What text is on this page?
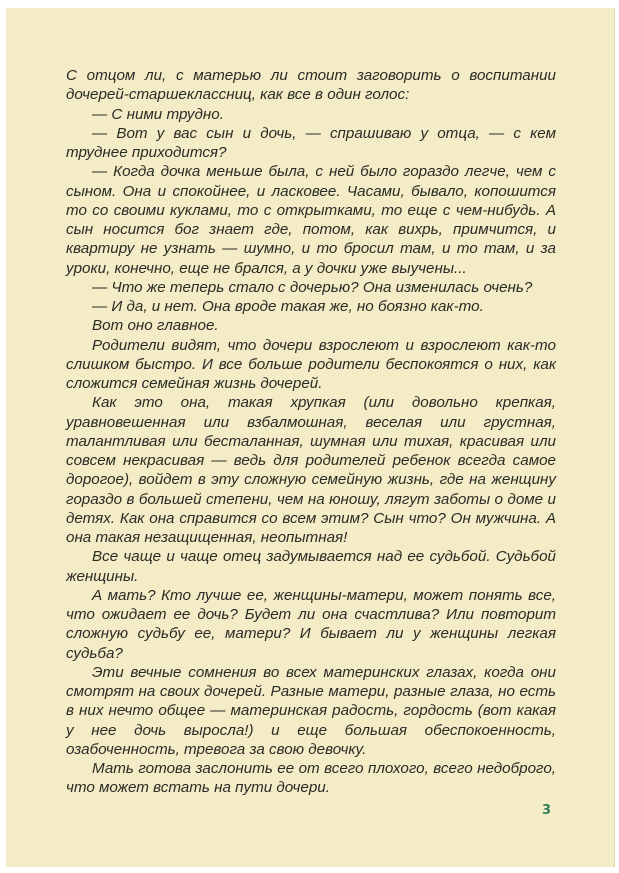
С отцом ли, с матерью ли стоит заговорить о воспитании дочерей-старшеклассниц, как все в один голос:

— С ними трудно.

— Вот у вас сын и дочь, — спрашиваю у отца, — с кем труднее приходится?

— Когда дочка меньше была, с ней было гораздо легче, чем с сыном. Она и спокойнее, и ласковее. Часами, бывало, копошится то со своими куклами, то с открытками, то еще с чем-нибудь. А сын носится бог знает где, потом, как вихрь, примчится, и квартиру не узнать — шумно, и то бросил там, и то там, и за уроки, конечно, еще не брался, а у дочки уже выучены...

— Что же теперь стало с дочерью? Она изменилась очень?

— И да, и нет. Она вроде такая же, но боязно как-то.

Вот оно главное.

Родители видят, что дочери взрослеют и взрослеют как-то слишком быстро. И все больше родители беспокоятся о них, как сложится семейная жизнь дочерей.

Как это она, такая хрупкая (или довольно крепкая, уравновешенная или взбалмошная, веселая или грустная, талантливая или бесталанная, шумная или тихая, красивая или совсем некрасивая — ведь для родителей ребенок всегда самое дорогое), войдет в эту сложную семейную жизнь, где на женщину гораздо в большей степени, чем на юношу, лягут заботы о доме и детях. Как она справится со всем этим? Сын что? Он мужчина. А она такая незащищенная, неопытная!

Все чаще и чаще отец задумывается над ее судьбой. Судьбой женщины.

А мать? Кто лучше ее, женщины-матери, может понять все, что ожидает ее дочь? Будет ли она счастлива? Или повторит сложную судьбу ее, матери? И бывает ли у женщины легкая судьба?

Эти вечные сомнения во всех материнских глазах, когда они смотрят на своих дочерей. Разные матери, разные глаза, но есть в них нечто общее — материнская радость, гордость (вот какая у нее дочь выросла!) и еще большая обеспокоенность, озабоченность, тревога за свою девочку.

Мать готова заслонить ее от всего плохого, всего недоброго, что может встать на пути дочери.

3
